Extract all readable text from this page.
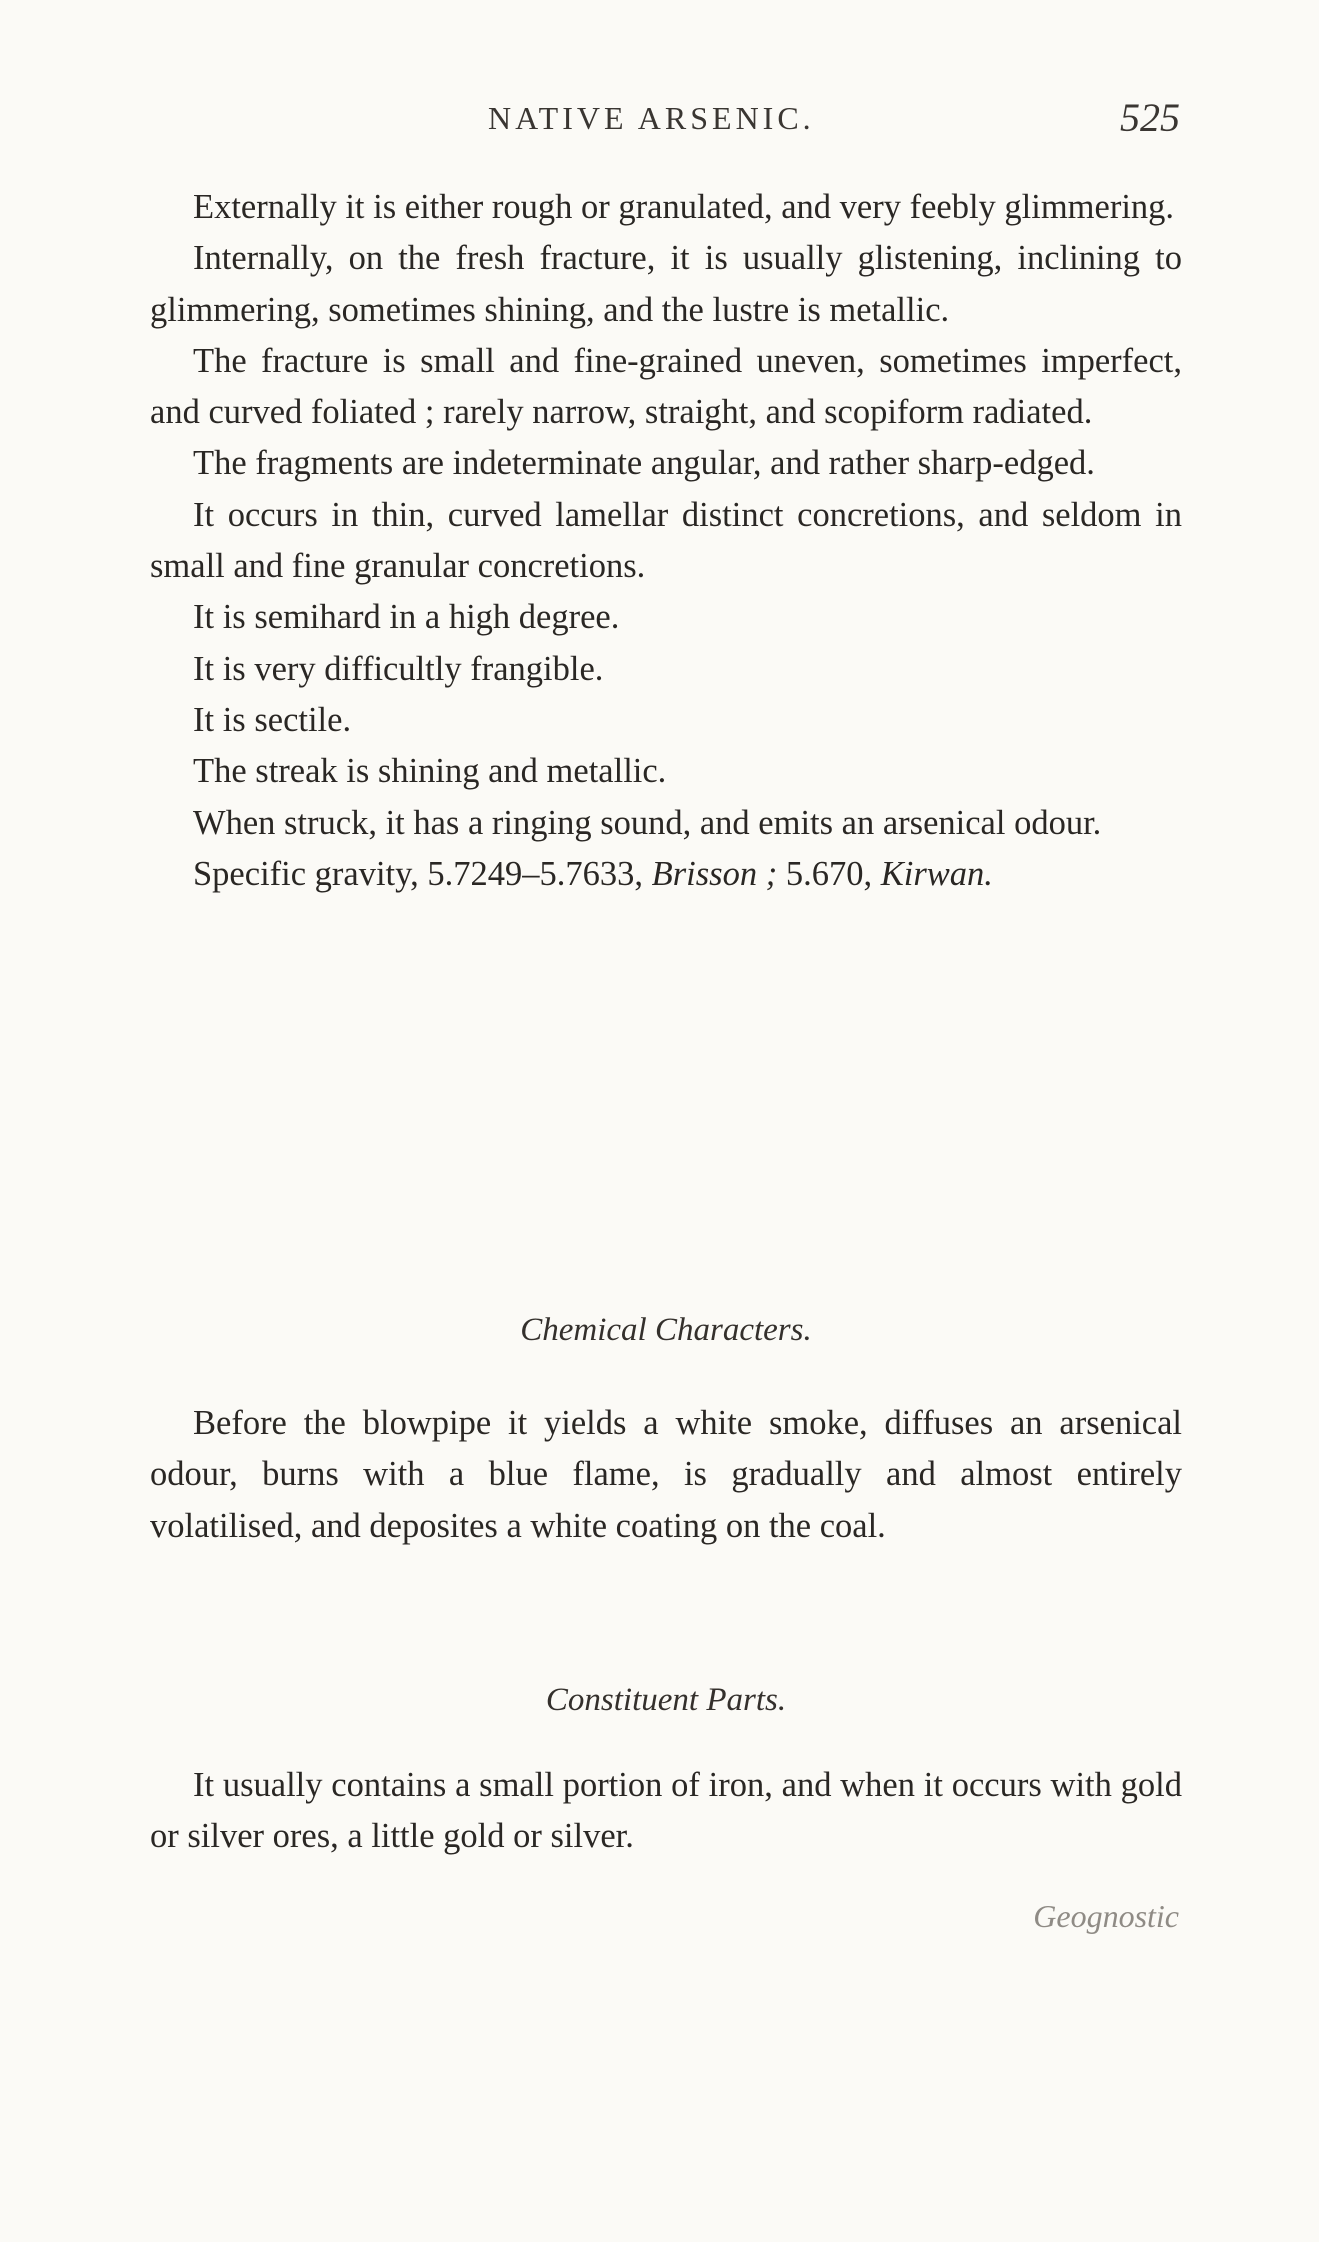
NATIVE ARSENIC.	525

Externally it is either rough or granulated, and very feebly glimmering.

Internally, on the fresh fracture, it is usually glistening, inclining to glimmering, sometimes shining, and the lustre is metallic.

The fracture is small and fine-grained uneven, sometimes imperfect, and curved foliated ; rarely narrow, straight, and scopiform radiated.

The fragments are indeterminate angular, and rather sharp-edged.

It occurs in thin, curved lamellar distinct concretions, and seldom in small and fine granular concretions.

It is semihard in a high degree.

It is very difficultly frangible.

It is sectile.

The streak is shining and metallic.

When struck, it has a ringing sound, and emits an arsenical odour.

Specific gravity, 5.7249–5.7633, Brisson ; 5.670, Kirwan.

Chemical Characters.

Before the blowpipe it yields a white smoke, diffuses an arsenical odour, burns with a blue flame, is gradually and almost entirely volatilised, and deposites a white coating on the coal.

Constituent Parts.

It usually contains a small portion of iron, and when it occurs with gold or silver ores, a little gold or silver.

Geognostic
